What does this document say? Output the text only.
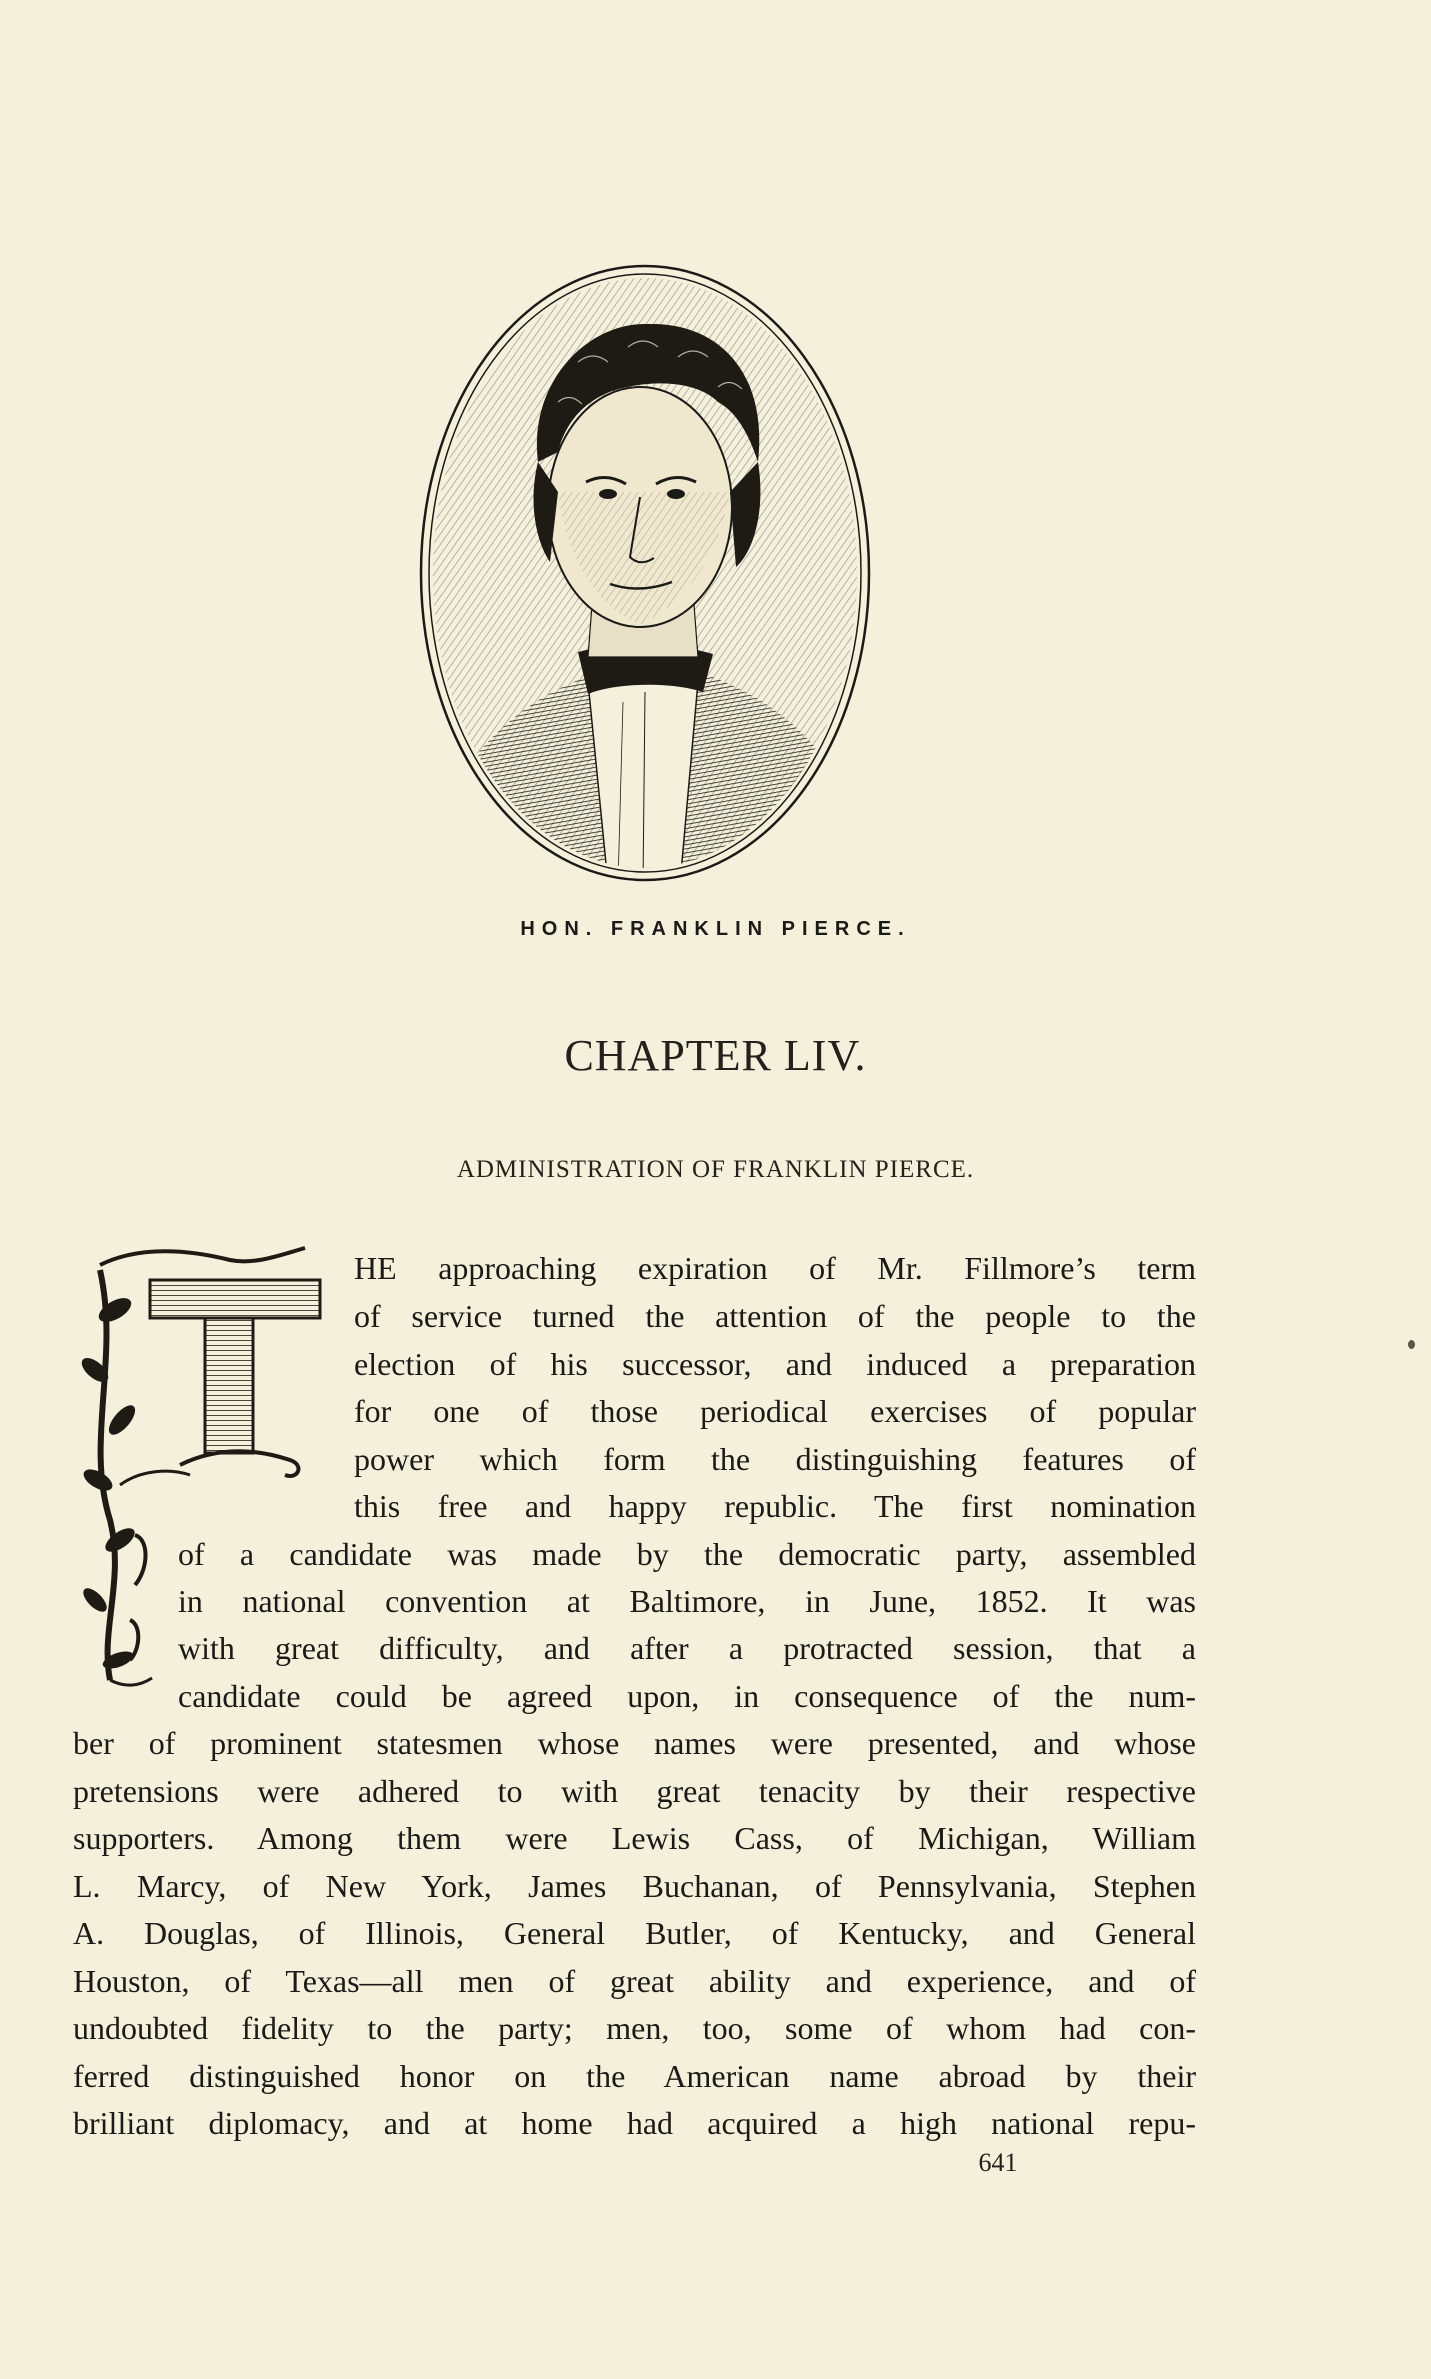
HON. FRANKLIN PIERCE.
CHAPTER LIV.
ADMINISTRATION OF FRANKLIN PIERCE.
HE approaching expiration of Mr. Fillmore’s term
of service turned the attention of the people to the
election of his successor, and induced a preparation
for one of those periodical exercises of popular
power which form the distinguishing features of
this free and happy republic. The first nomination
of a candidate was made by the democratic party, assembled
in national convention at Baltimore, in June, 1852. It was
with great difficulty, and after a protracted session, that a
candidate could be agreed upon, in consequence of the num-
ber of prominent statesmen whose names were presented, and whose
pretensions were adhered to with great tenacity by their respective
supporters. Among them were Lewis Cass, of Michigan, William
L. Marcy, of New York, James Buchanan, of Pennsylvania, Stephen
A. Douglas, of Illinois, General Butler, of Kentucky, and General
Houston, of Texas—all men of great ability and experience, and of
undoubted fidelity to the party; men, too, some of whom had con-
ferred distinguished honor on the American name abroad by their
brilliant diplomacy, and at home had acquired a high national repu-
641
